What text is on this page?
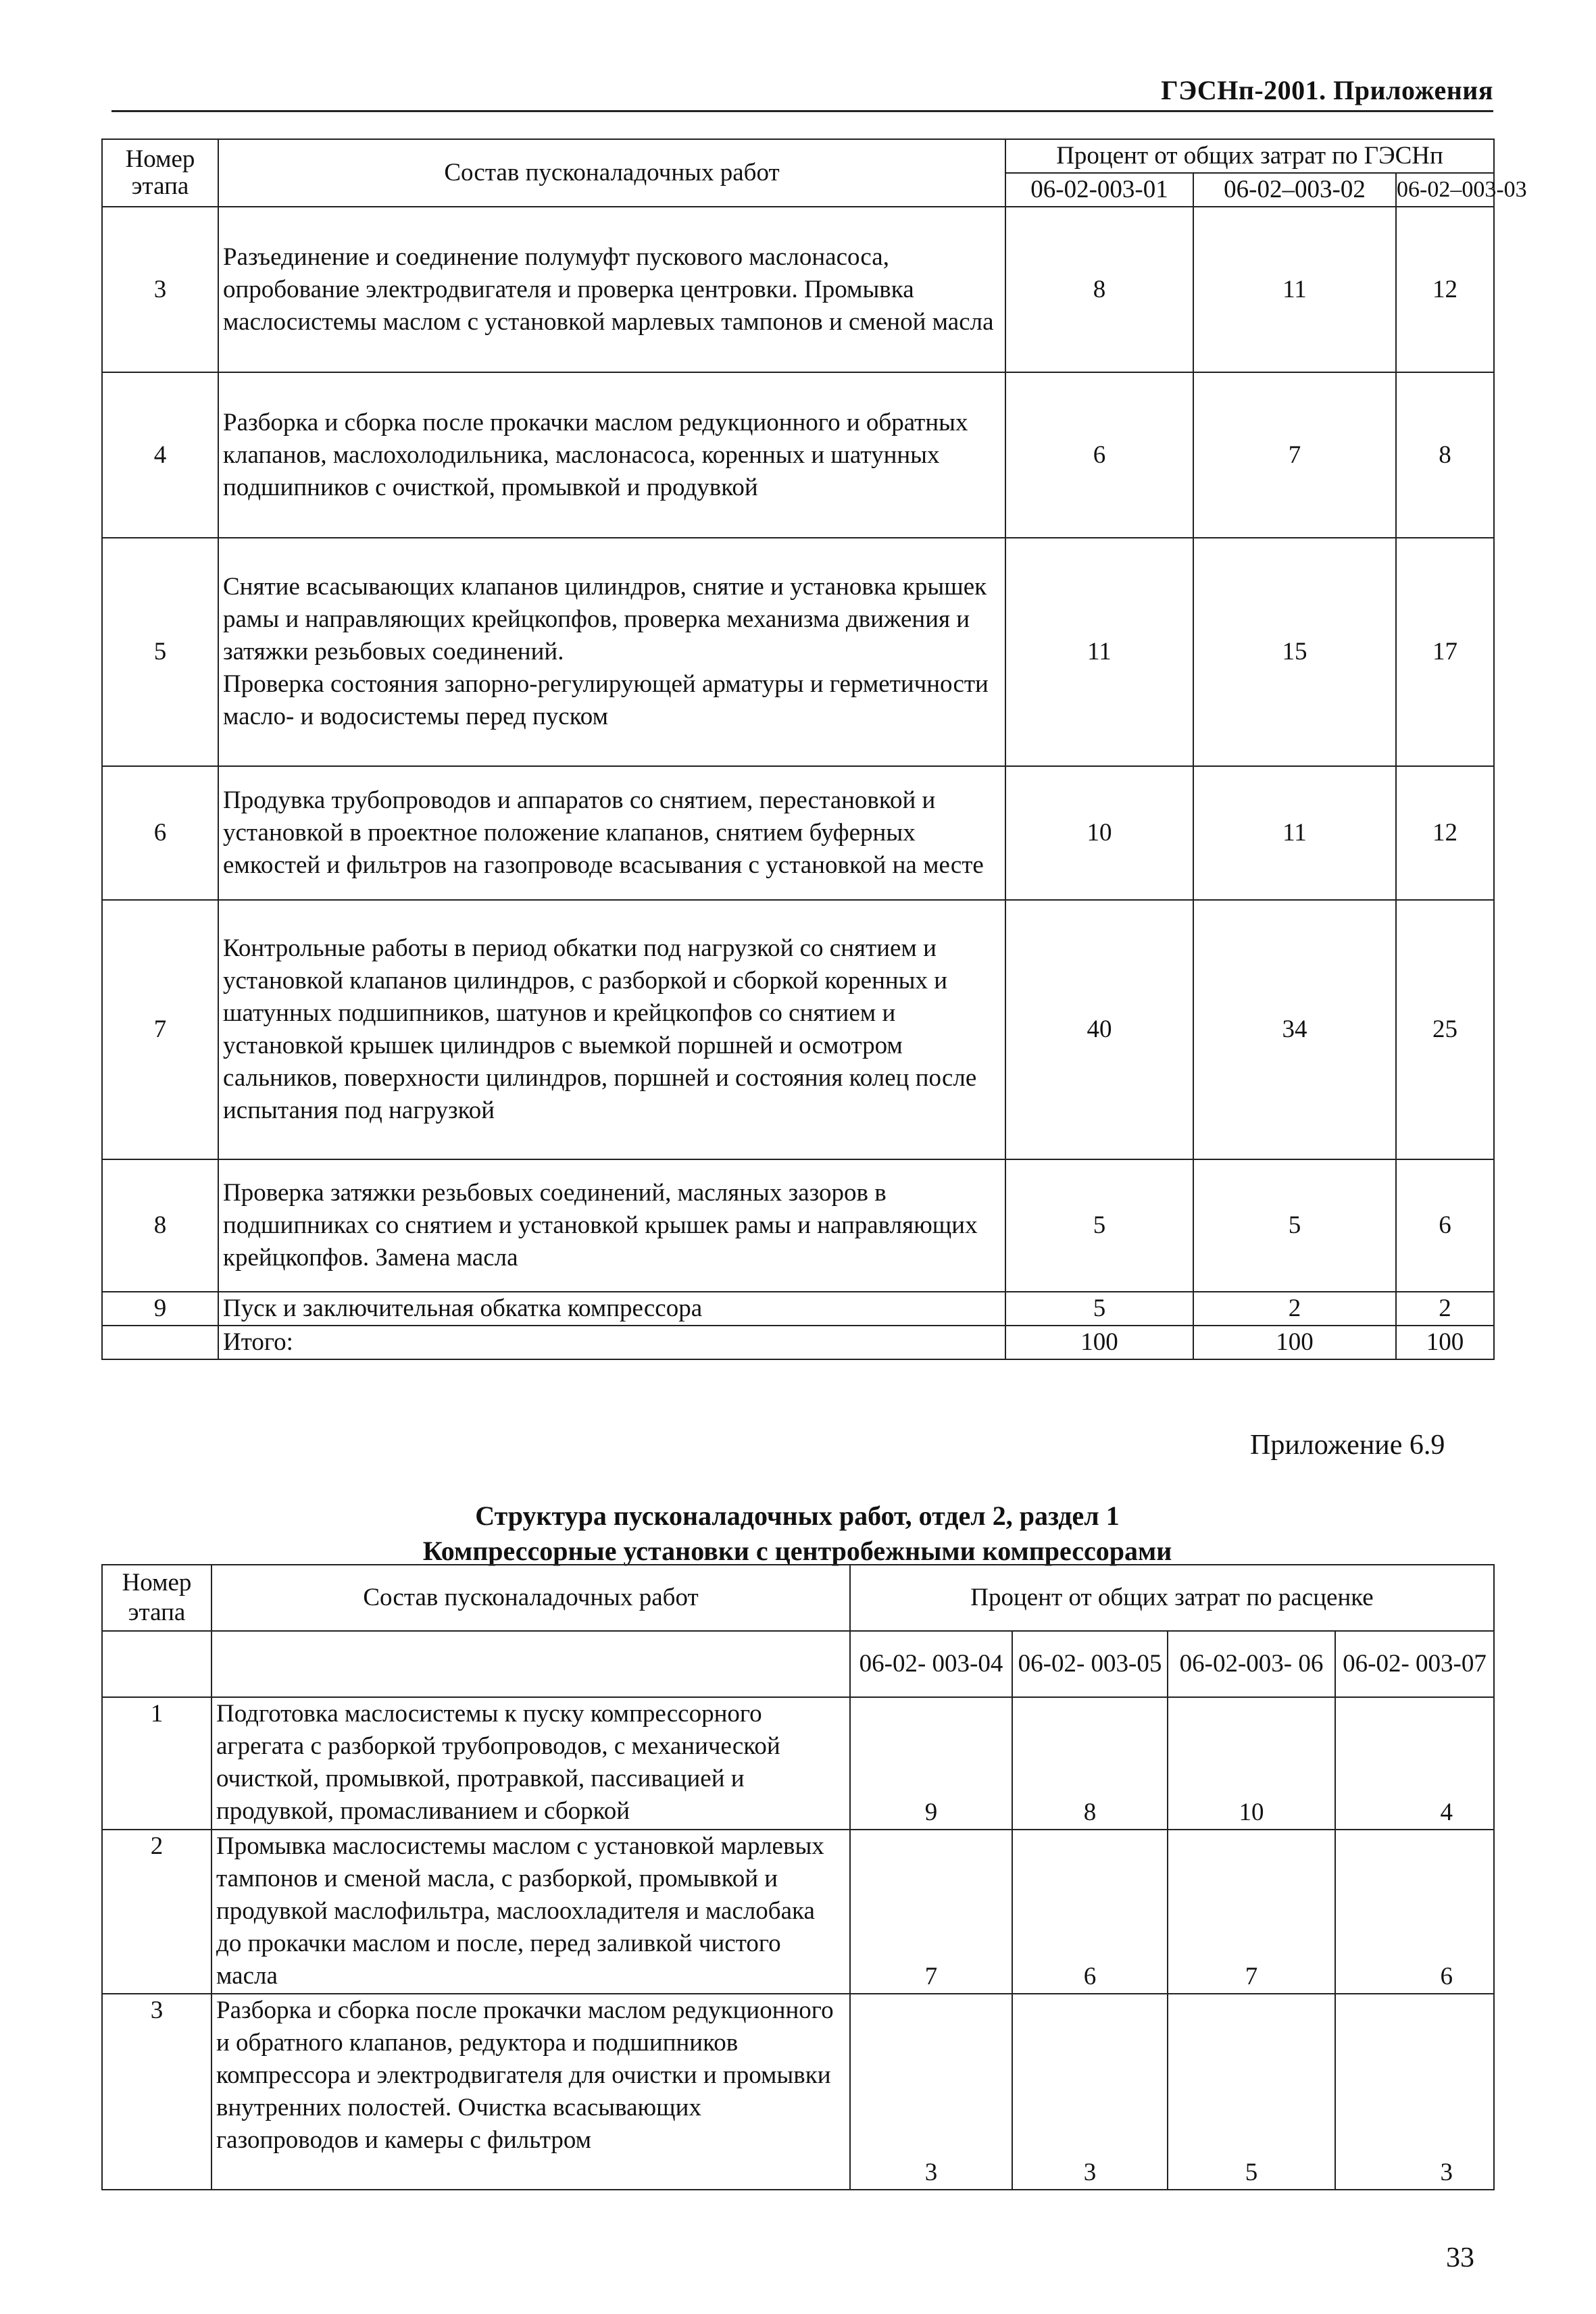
ГЭСНп-2001. Приложения
Номер этапа	Состав пусконаладочных работ	Процент от общих затрат по ГЭСНп		
		06-02-003-01	06-02–003-02	06-02–003-03
3	Разъединение и соединение полумуфт пускового маслонасоса, опробование электродвигателя и проверка центровки. Промывка маслосистемы маслом с установкой марлевых тампонов и сменой масла	8	11	12
4	Разборка и сборка после прокачки маслом редукционного и обратных клапанов, маслохолодильника, маслонасоса, коренных и шатунных подшипников с очисткой, промывкой и продувкой	6	7	8
5	Снятие всасывающих клапанов цилиндров, снятие и установка крышек рамы и направляющих крейцкопфов, проверка механизма движения и затяжки резьбовых соединений.
Проверка состояния запорно-регулирующей арматуры и герметичности масло- и водосистемы перед пуском	11	15	17
6	Продувка трубопроводов и аппаратов со снятием, перестановкой и установкой в проектное положение клапанов, снятием буферных емкостей и фильтров на газопроводе всасывания с установкой на месте	10	11	12
7	Контрольные работы в период обкатки под нагрузкой со снятием и установкой клапанов цилиндров, с разборкой и сборкой коренных и шатунных подшипников, шатунов и крейцкопфов со снятием и установкой крышек цилиндров с выемкой поршней и осмотром сальников, поверхности цилиндров, поршней и состояния колец после испытания под нагрузкой	40	34	25
8	Проверка затяжки резьбовых соединений, масляных зазоров в подшипниках со снятием и установкой крышек рамы и направляющих крейцкопфов. Замена масла	5	5	6
9	Пуск и заключительная обкатка компрессора	5	2	2
	Итого:	100	100	100
Приложение 6.9
Структура пусконаладочных работ, отдел 2, раздел 1
Компрессорные установки с центробежными компрессорами
Номер этапа	Состав пусконаладочных работ	Процент от общих затрат по расценке			
		06-02- 003-04	06-02- 003-05	06-02-003- 06	06-02- 003-07
1	Подготовка маслосистемы к пуску компрессорного агрегата с разборкой трубопроводов, с механической очисткой, промывкой, протравкой, пассивацией и продувкой, промасливанием и сборкой	9	8	10	4
2	Промывка маслосистемы маслом с установкой марлевых тампонов и сменой масла, с разборкой, промывкой и продувкой маслофильтра, маслоохладителя и маслобака до прокачки маслом и после, перед заливкой чистого масла	7	6	7	6
3	Разборка и сборка после прокачки маслом редукционного и обратного клапанов, редуктора и подшипников компрессора и электродвигателя для очистки и промывки внутренних полостей. Очистка всасывающих газопроводов и камеры с фильтром	3	3	5	3
33
